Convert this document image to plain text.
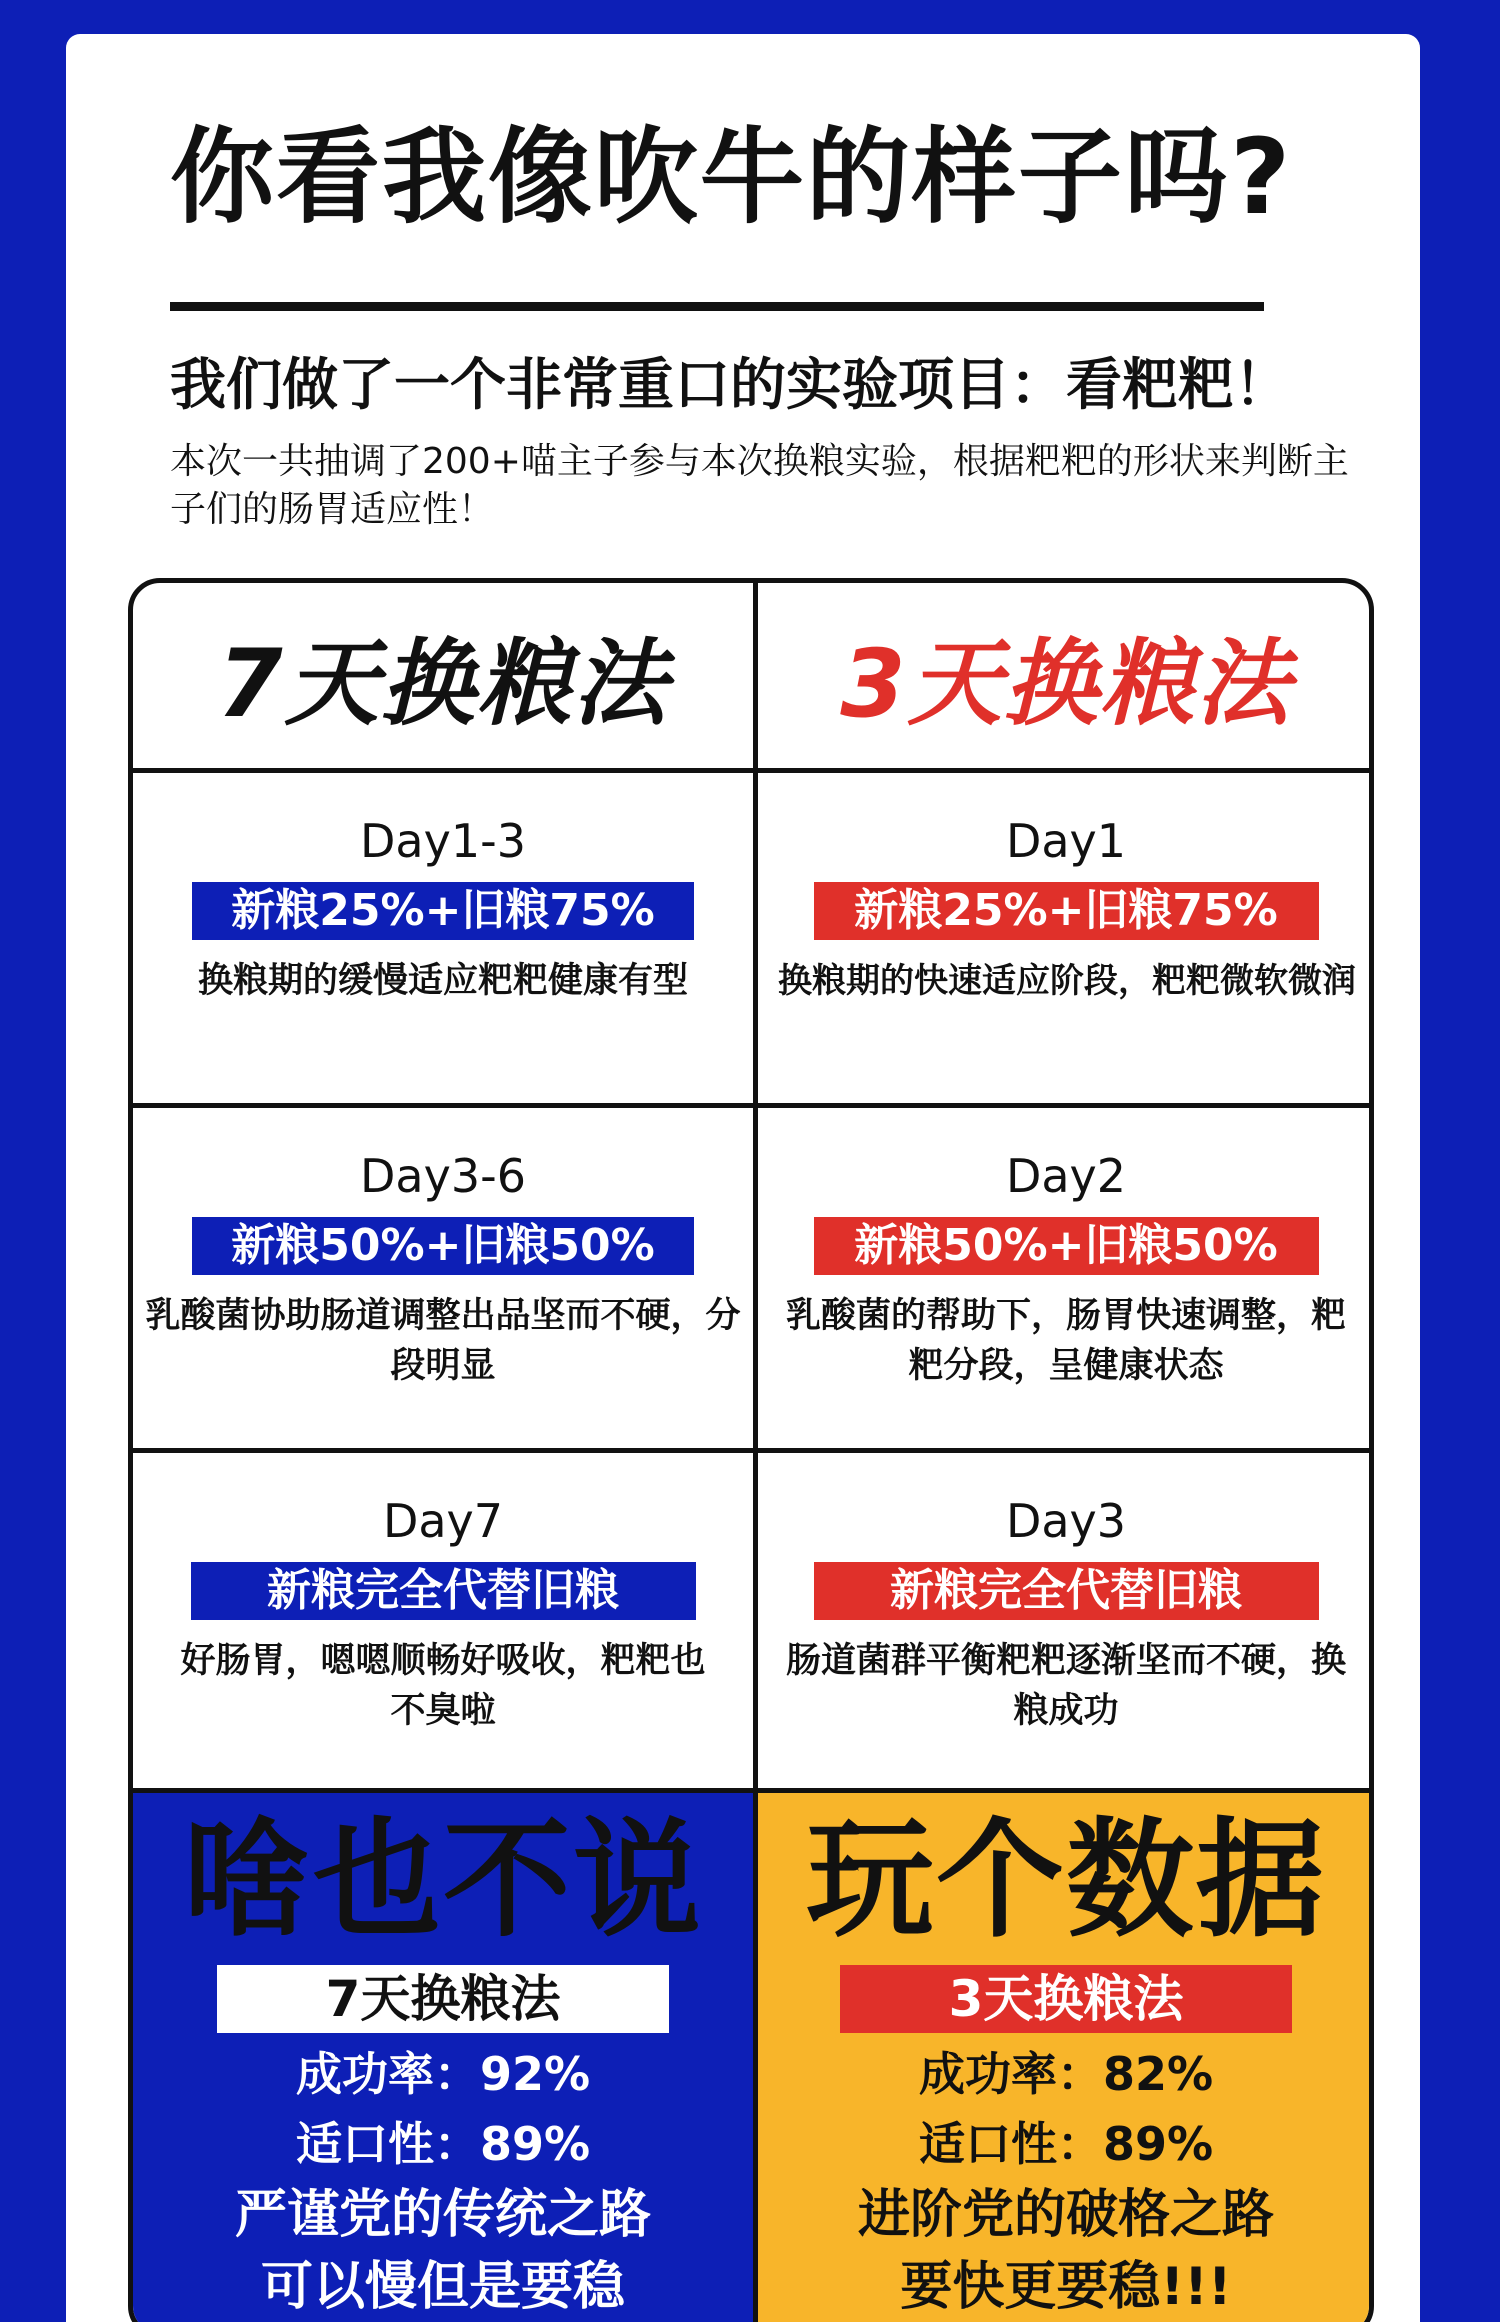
你看我像吹牛的样子吗?
我们做了一个非常重口的实验项目：看粑粑！
本次一共抽调了200+喵主子参与本次换粮实验，根据粑粑的形状来判断主子们的肠胃适应性！
7天换粮法
Day1-3
新粮25%+旧粮75%
换粮期的缓慢适应粑粑健康有型
Day3-6
新粮50%+旧粮50%
乳酸菌协助肠道调整出品坚而不硬，分段明显
Day7
新粮完全代替旧粮
好肠胃，嗯嗯顺畅好吸收，粑粑也不臭啦
啥也不说
7天换粮法
成功率：92%
适口性：89%
严谨党的传统之路
可以慢但是要稳
3天换粮法
Day1
新粮25%+旧粮75%
换粮期的快速适应阶段，粑粑微软微润
Day2
新粮50%+旧粮50%
乳酸菌的帮助下，肠胃快速调整，粑粑分段，呈健康状态
Day3
新粮完全代替旧粮
肠道菌群平衡粑粑逐渐坚而不硬，换粮成功
玩个数据
3天换粮法
成功率：82%
适口性：89%
进阶党的破格之路
要快更要稳!!!
